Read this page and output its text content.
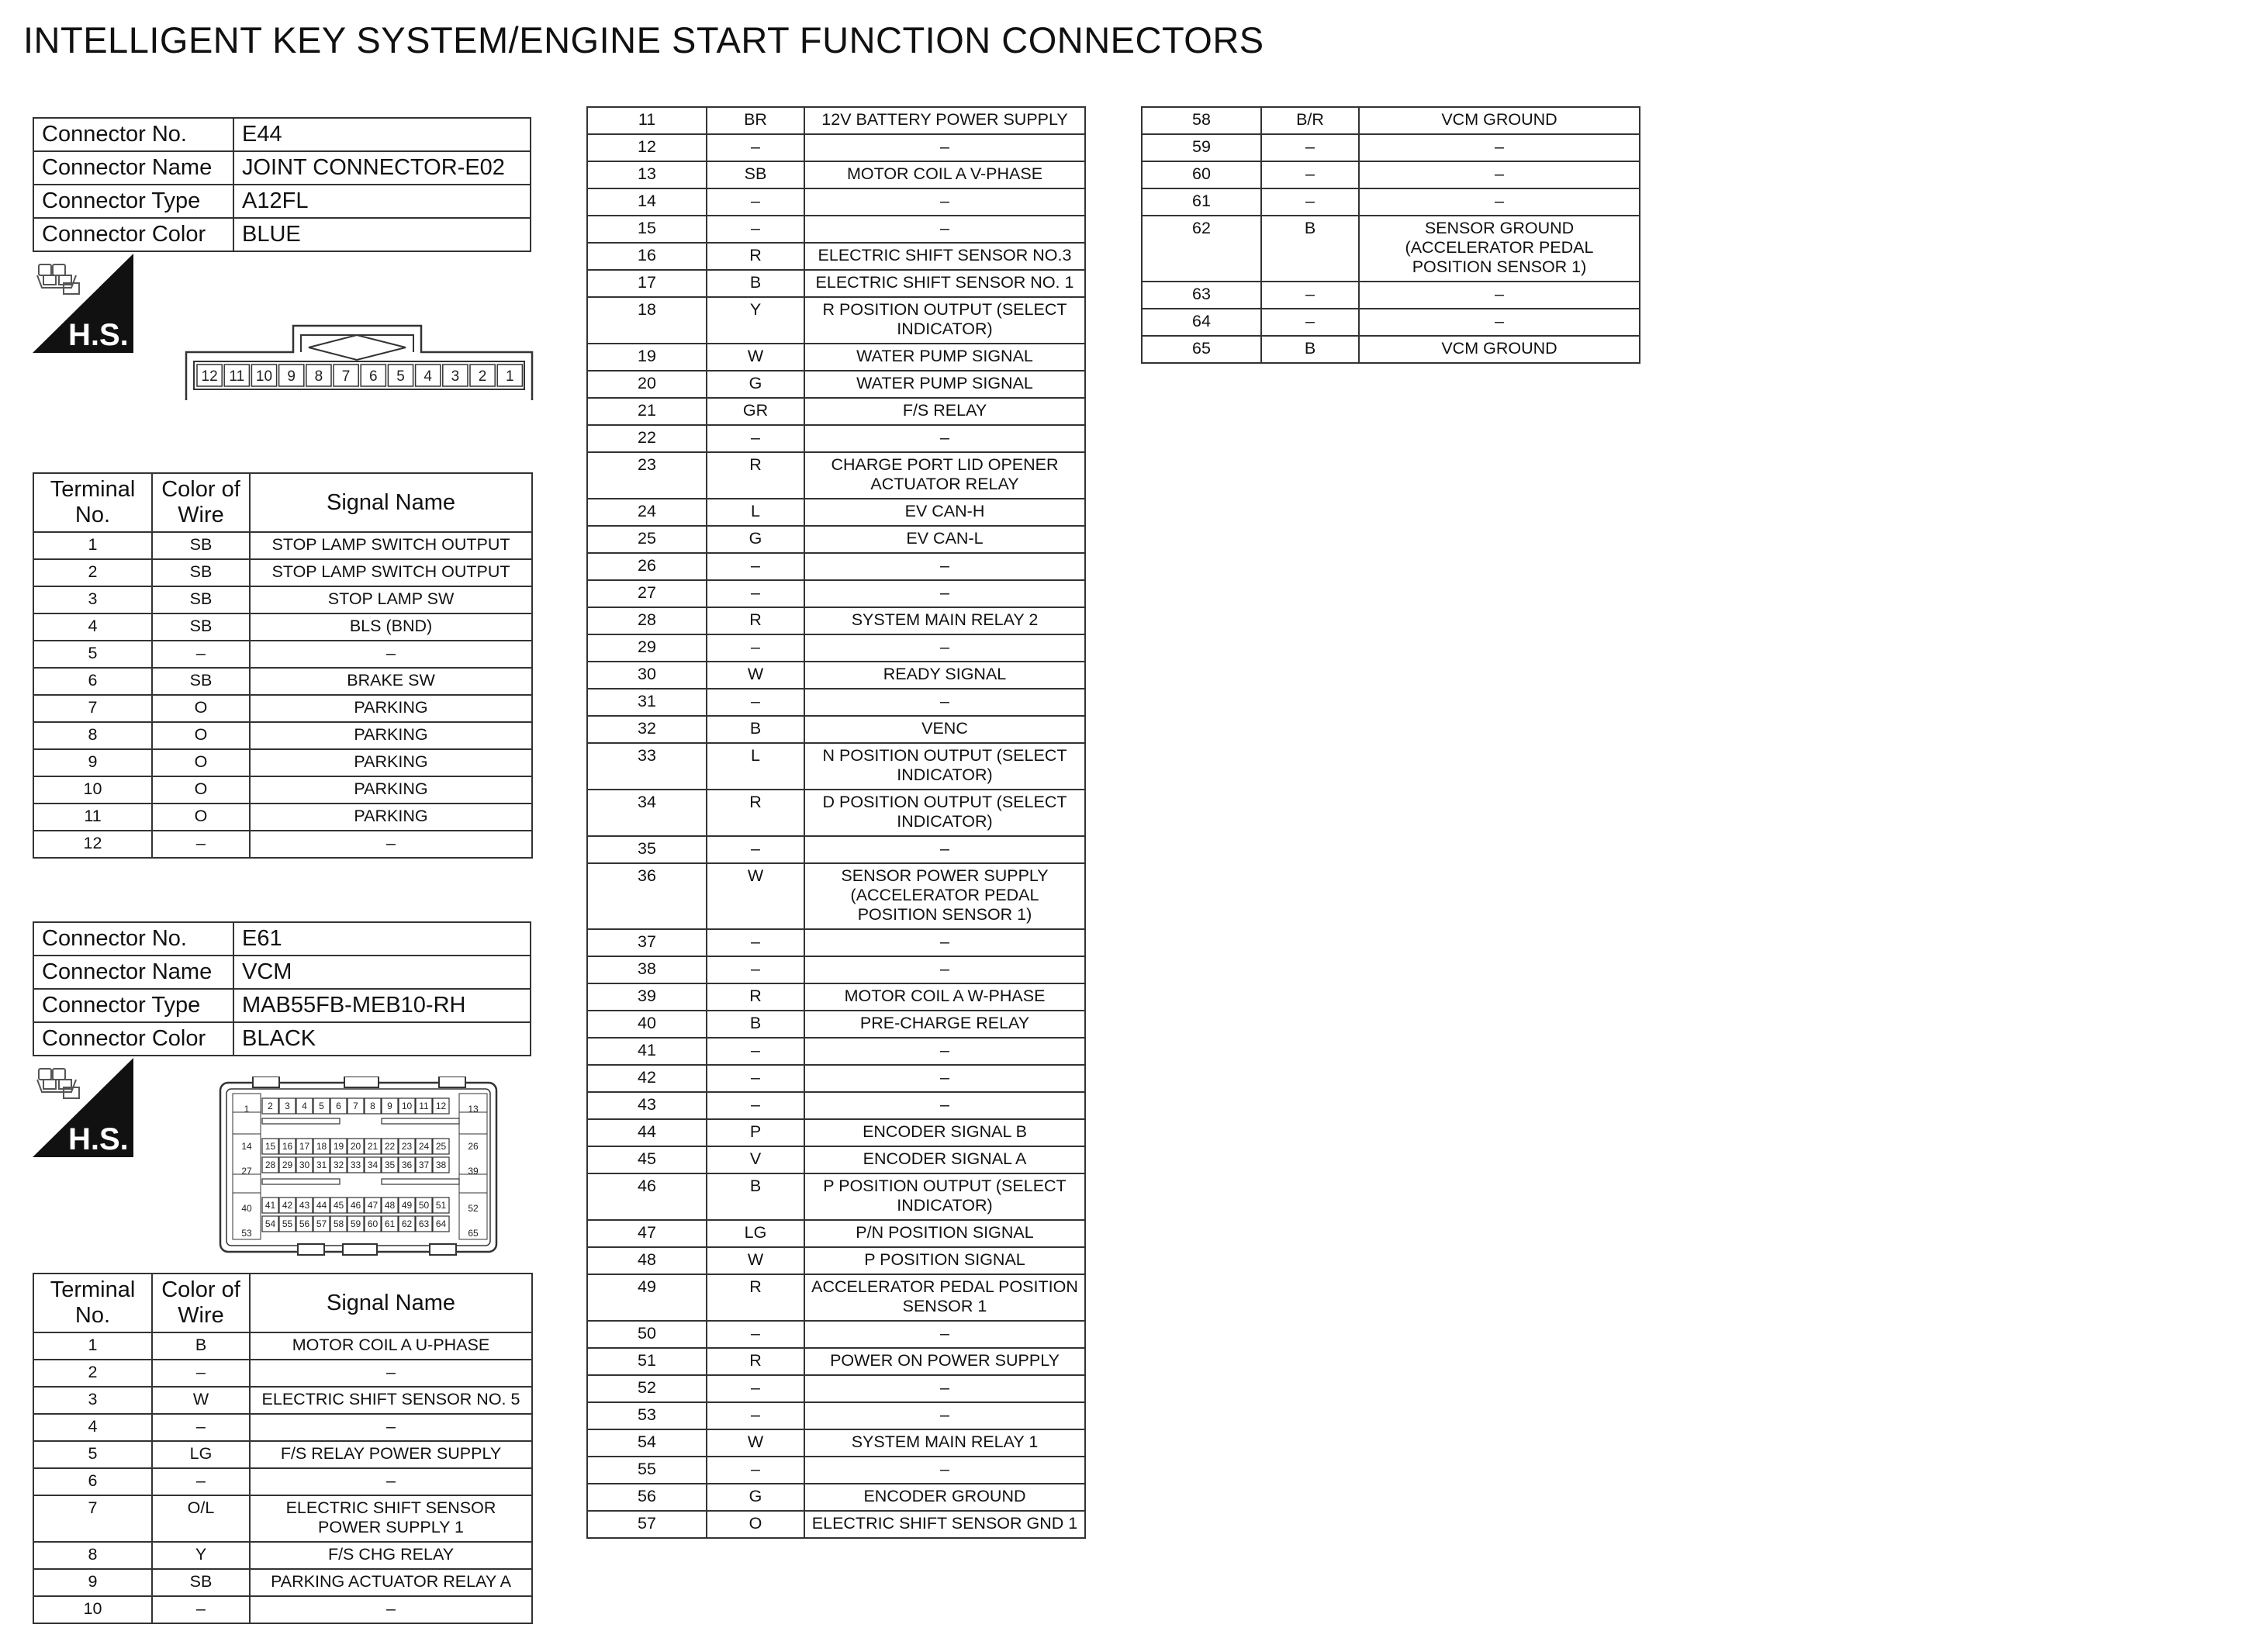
INTELLIGENT KEY SYSTEM/ENGINE START FUNCTION CONNECTORS
Connector No.	E44
Connector Name	JOINT CONNECTOR-E02
Connector Type	A12FL
Connector Color	BLUE
H.S.
12 11 10 9 8 7 6 5 4 3 2 1
Terminal No.	Color of Wire	Signal Name
1	SB	STOP LAMP SWITCH OUTPUT
2	SB	STOP LAMP SWITCH OUTPUT
3	SB	STOP LAMP SW
4	SB	BLS (BND)
5	–	–
6	SB	BRAKE SW
7	O	PARKING
8	O	PARKING
9	O	PARKING
10	O	PARKING
11	O	PARKING
12	–	–
Connector No.	E61
Connector Name	VCM
Connector Type	MAB55FB-MEB10-RH
Connector Color	BLACK
H.S.
2 3 4 5 6 7 8 9 10 11 12
15 16 17 18 19 20 21 22 23 24 25
28 29 30 31 32 33 34 35 36 37 38
41 42 43 44 45 46 47 48 49 50 51
54 55 56 57 58 59 60 61 62 63 64
1	13
14	26
27	39
40	52
53	65
Terminal No.	Color of Wire	Signal Name
1	B	MOTOR COIL A U-PHASE
2	–	–
3	W	ELECTRIC SHIFT SENSOR NO. 5
4	–	–
5	LG	F/S RELAY POWER SUPPLY
6	–	–
7	O/L	ELECTRIC SHIFT SENSOR POWER SUPPLY 1
8	Y	F/S CHG RELAY
9	SB	PARKING ACTUATOR RELAY A
10	–	–
11	BR	12V BATTERY POWER SUPPLY
12	–	–
13	SB	MOTOR COIL A V-PHASE
14	–	–
15	–	–
16	R	ELECTRIC SHIFT SENSOR NO.3
17	B	ELECTRIC SHIFT SENSOR NO. 1
18	Y	R POSITION OUTPUT (SELECT INDICATOR)
19	W	WATER PUMP SIGNAL
20	G	WATER PUMP SIGNAL
21	GR	F/S RELAY
22	–	–
23	R	CHARGE PORT LID OPENER ACTUATOR RELAY
24	L	EV CAN-H
25	G	EV CAN-L
26	–	–
27	–	–
28	R	SYSTEM MAIN RELAY 2
29	–	–
30	W	READY SIGNAL
31	–	–
32	B	VENC
33	L	N POSITION OUTPUT (SELECT INDICATOR)
34	R	D POSITION OUTPUT (SELECT INDICATOR)
35	–	–
36	W	SENSOR POWER SUPPLY (ACCELERATOR PEDAL POSITION SENSOR 1)
37	–	–
38	–	–
39	R	MOTOR COIL A W-PHASE
40	B	PRE-CHARGE RELAY
41	–	–
42	–	–
43	–	–
44	P	ENCODER SIGNAL B
45	V	ENCODER SIGNAL A
46	B	P POSITION OUTPUT (SELECT INDICATOR)
47	LG	P/N POSITION SIGNAL
48	W	P POSITION SIGNAL
49	R	ACCELERATOR PEDAL POSITION SENSOR 1
50	–	–
51	R	POWER ON POWER SUPPLY
52	–	–
53	–	–
54	W	SYSTEM MAIN RELAY 1
55	–	–
56	G	ENCODER GROUND
57	O	ELECTRIC SHIFT SENSOR GND 1
58	B/R	VCM GROUND
59	–	–
60	–	–
61	–	–
62	B	SENSOR GROUND (ACCELERATOR PEDAL POSITION SENSOR 1)
63	–	–
64	–	–
65	B	VCM GROUND
